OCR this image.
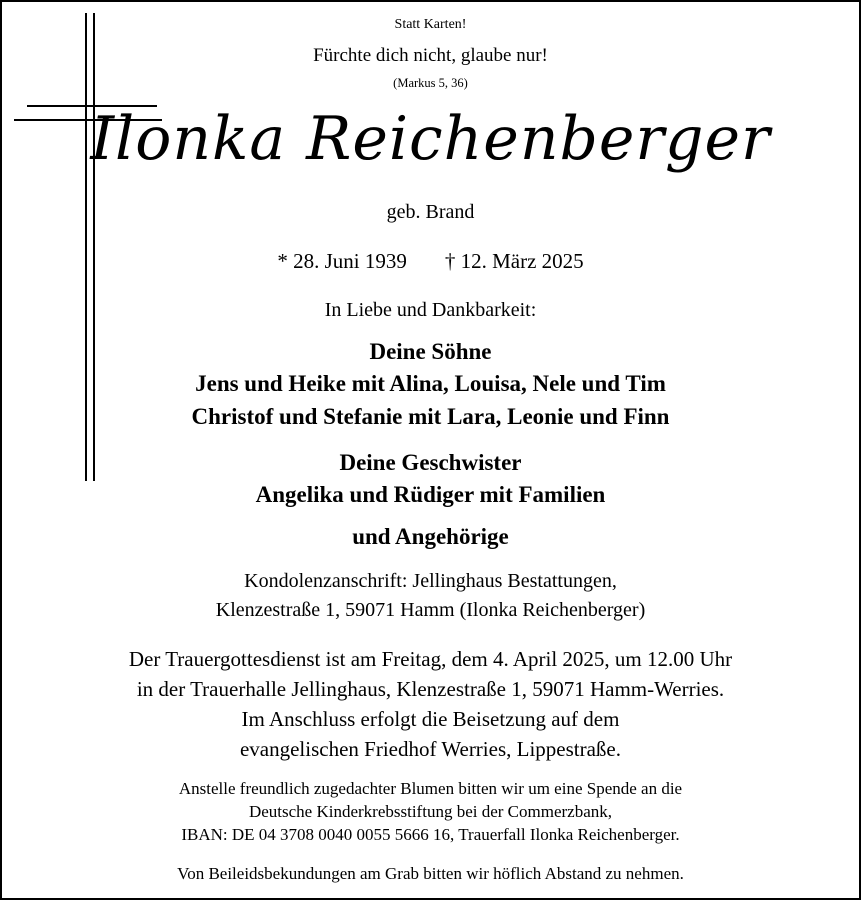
Statt Karten!
Fürchte dich nicht, glaube nur!
(Markus 5, 36)
Ilonka Reichenberger
geb. Brand
* 28. Juni 1939 † 12. März 2025
In Liebe und Dankbarkeit:
Deine Söhne
Jens und Heike mit Alina, Louisa, Nele und Tim
Christof und Stefanie mit Lara, Leonie und Finn
Deine Geschwister
Angelika und Rüdiger mit Familien
und Angehörige
Kondolenzanschrift: Jellinghaus Bestattungen,
Klenzestraße 1, 59071 Hamm (Ilonka Reichenberger)
Der Trauergottesdienst ist am Freitag, dem 4. April 2025, um 12.00 Uhr
in der Trauerhalle Jellinghaus, Klenzestraße 1, 59071 Hamm-Werries.
Im Anschluss erfolgt die Beisetzung auf dem
evangelischen Friedhof Werries, Lippestraße.
Anstelle freundlich zugedachter Blumen bitten wir um eine Spende an die
Deutsche Kinderkrebsstiftung bei der Commerzbank,
IBAN: DE 04 3708 0040 0055 5666 16, Trauerfall Ilonka Reichenberger.
Von Beileidsbekundungen am Grab bitten wir höflich Abstand zu nehmen.
